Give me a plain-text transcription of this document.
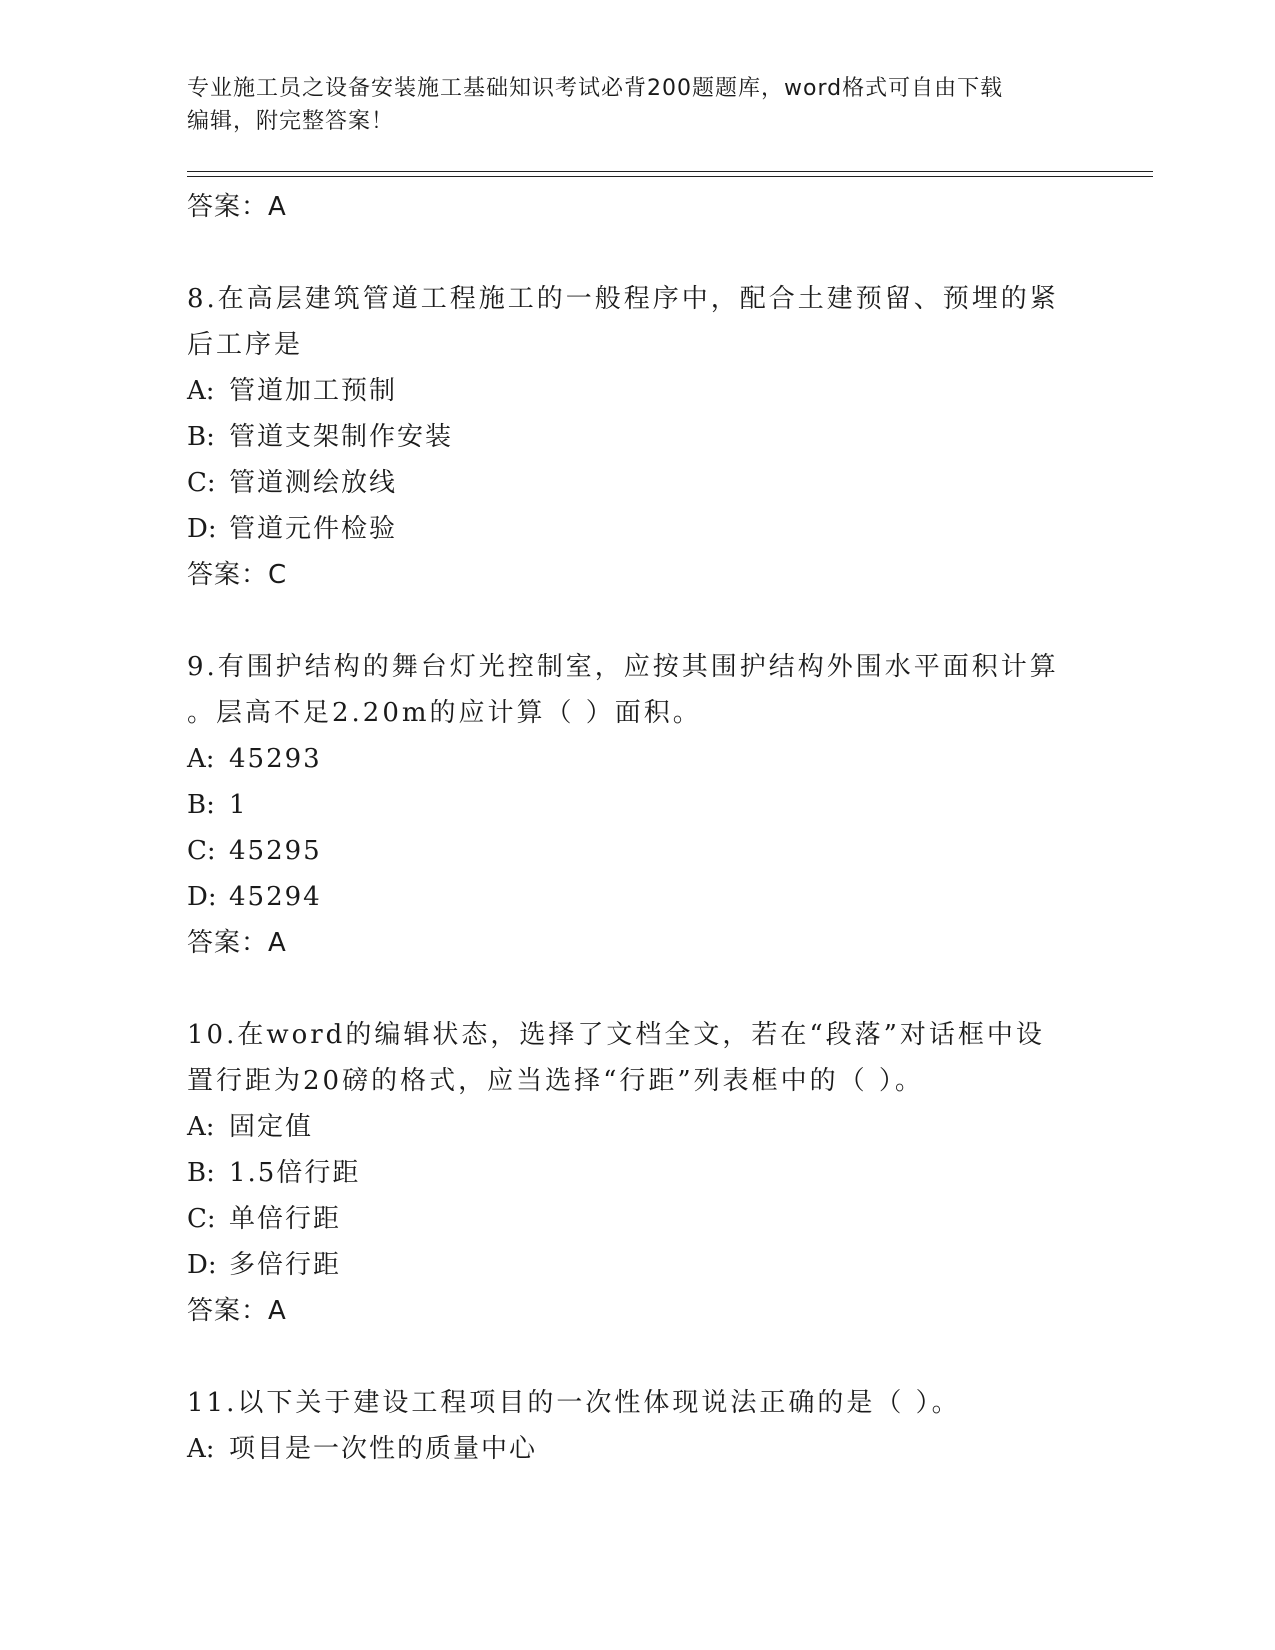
专业施工员之设备安装施工基础知识考试必背200题题库，word格式可自由下载
编辑，附完整答案！
答案：A
8.在高层建筑管道工程施工的一般程序中，配合土建预留、预埋的紧
后工序是
A: 管道加工预制
B: 管道支架制作安装
C: 管道测绘放线
D: 管道元件检验
答案：C
9.有围护结构的舞台灯光控制室，应按其围护结构外围水平面积计算
。层高不足2.20m的应计算（ ）面积。
A: 45293
B: 1
C: 45295
D: 45294
答案：A
10.在word的编辑状态，选择了文档全文，若在“段落”对话框中设
置行距为20磅的格式，应当选择“行距”列表框中的（ ）。
A: 固定值
B: 1.5倍行距
C: 单倍行距
D: 多倍行距
答案：A
11.以下关于建设工程项目的一次性体现说法正确的是（ ）。
A: 项目是一次性的质量中心
